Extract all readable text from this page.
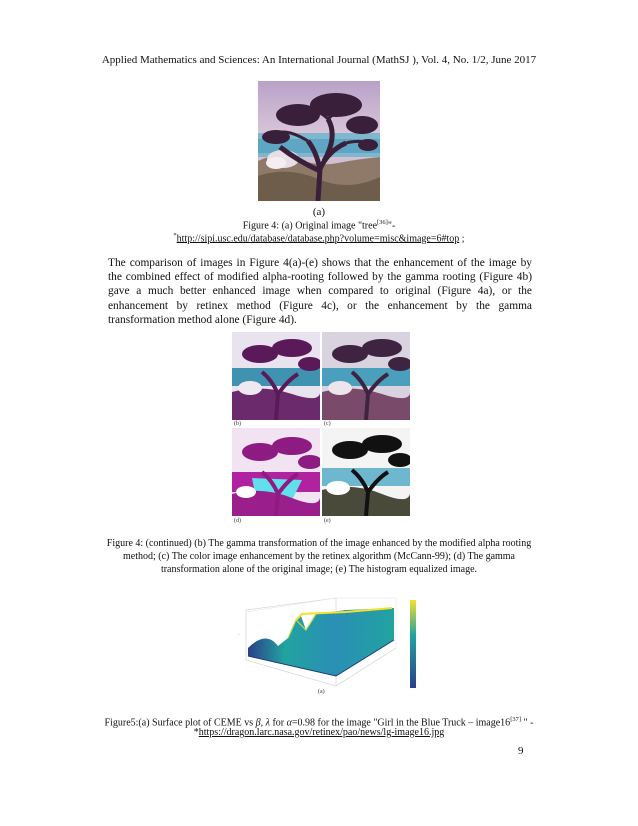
Applied Mathematics and Sciences: An International Journal (MathSJ ), Vol. 4, No. 1/2, June 2017
(a)
Figure 4: (a) Original image "tree[36]"-
*http://sipi.usc.edu/database/database.php?volume=misc&image=6#top ;
The comparison of images in Figure 4(a)-(e) shows that the enhancement of the image by the combined effect of modified alpha-rooting followed by the gamma rooting (Figure 4b) gave a much better enhanced image when compared to original (Figure 4a), or the enhancement by retinex method (Figure 4c), or the enhancement by the gamma transformation method alone (Figure 4d).
(b)	(c)
(d)	(e)
Figure 4: (continued) (b) The gamma transformation of the image enhanced by the modified alpha rooting
method; (c) The color image enhancement by the retinex algorithm (McCann-99); (d) The gamma
transformation alone of the original image; (e) The histogram equalized image.
-
(a)
Figure5:(a) Surface plot of CEME vs β, λ for α=0.98 for the image "Girl in the Blue Truck – image16[37] " -
*https://dragon.larc.nasa.gov/retinex/pao/news/lg-image16.jpg
9
